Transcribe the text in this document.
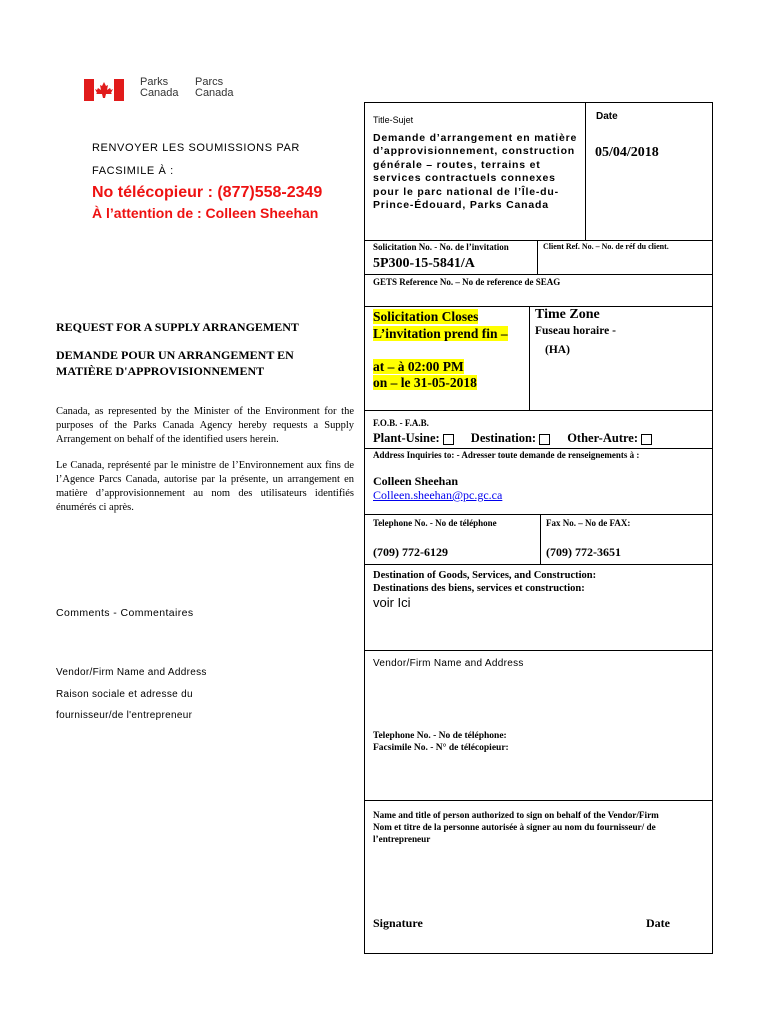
Parks
Canada
Parcs
Canada
RENVOYER LES SOUMISSIONS PAR
FACSIMILE À :
No télécopieur : (877)558-2349
À l’attention de : Colleen Sheehan
REQUEST FOR A SUPPLY ARRANGEMENT
DEMANDE POUR UN ARRANGEMENT EN
MATIÈRE D'APPROVISIONNEMENT
Canada, as represented by the Minister of the Environment for the purposes of the Parks Canada Agency hereby requests a Supply Arrangement on behalf of the identified users herein.
Le Canada, représenté par le ministre de l’Environnement aux fins de l’Agence Parcs Canada, autorise par la présente, un arrangement en matière d’approvisionnement au nom des utilisateurs identifiés énumérés ci après.
Comments - Commentaires
Vendor/Firm Name and Address
Raison sociale et adresse du
fournisseur/de l'entrepreneur
Title-Sujet
Demande d’arrangement en matière d’approvisionnement, construction générale – routes, terrains et services contractuels connexes pour le parc national de l’Île-du-Prince-Édouard, Parks Canada
Date
05/04/2018
Solicitation No. - No. de l’invitation
5P300-15-5841/A
Client Ref. No. – No. de réf du client.
GETS Reference No. – No de reference de SEAG
Solicitation Closes
L’invitation prend fin –
at – à 02:00 PM
on – le 31-05-2018
Time Zone
Fuseau horaire -
(HA)
F.O.B. - F.A.B.
Plant-Usine: Destination: Other-Autre:
Address Inquiries to: - Adresser toute demande de renseignements à :
Colleen Sheehan
Colleen.sheehan@pc.gc.ca
Telephone No. - No de téléphone	Fax No. – No de FAX:
(709) 772-6129	(709) 772-3651
Destination of Goods, Services, and Construction:
Destinations des biens, services et construction:
voir Ici
Vendor/Firm Name and Address
Telephone No. - No de téléphone:
Facsimile No. - N° de télécopieur:
Name and title of person authorized to sign on behalf of the Vendor/Firm
Nom et titre de la personne autorisée à signer au nom du fournisseur/ de l’entrepreneur
Signature	Date
